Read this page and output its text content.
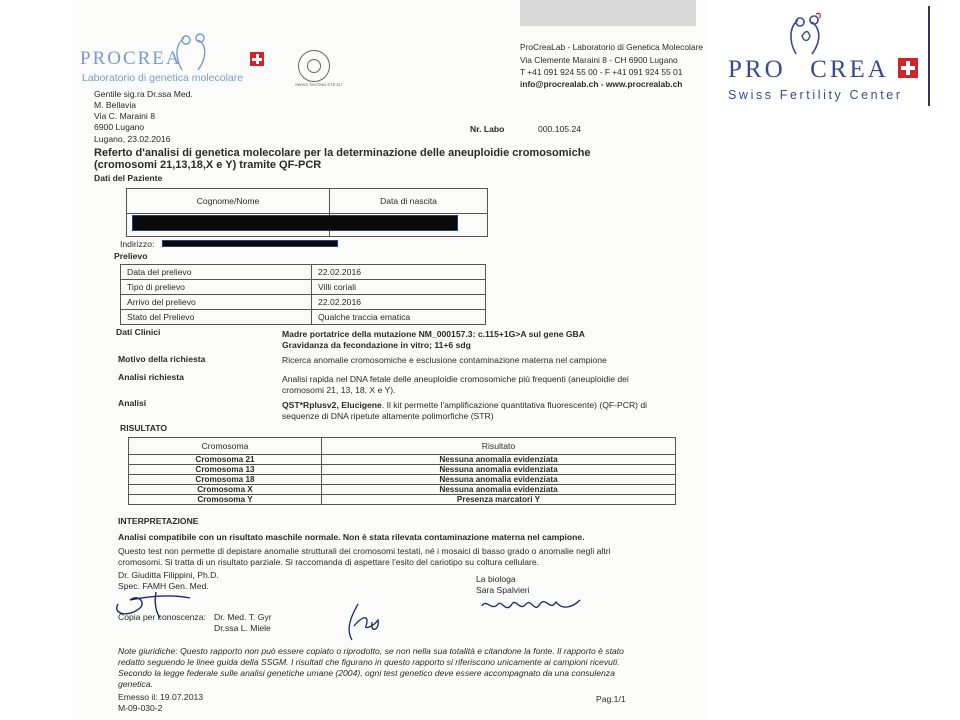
PRO CREA
Swiss Fertility Center
PROCREA
Laboratorio di genetica molecolare
SWISS TESTING STS 317
ProCreaLab - Laboratorio di Genetica Molecolare
Via Clemente Maraini 8 - CH 6900 Lugano
T +41 091 924 55 00 - F +41 091 924 55 01
info@procrealab.ch - www.procrealab.ch
Gentile sig.ra Dr.ssa Med.
M. Bellavia
Via C. Maraini 8
6900 Lugano
Lugano, 23.02.2016
Nr. Labo	000.105.24
Referto d'analisi di genetica molecolare per la determinazione delle aneuploidie cromosomiche
(cromosomi 21,13,18,X e Y) tramite QF-PCR
Dati del Paziente
Cognome/Nome	Data di nascita

Indirizzo:
Prelievo
Data del prelievo	22.02.2016
Tipo di prelievo	Villi coriali
Arrivo del prelievo	22.02.2016
Stato del Prelievo	Qualche traccia ematica
Dati Clinici	Madre portatrice della mutazione NM_000157.3: c.115+1G>A sul gene GBA
Gravidanza da fecondazione in vitro; 11+6 sdg
Motivo della richiesta	Ricerca anomalie cromosomiche e esclusione contaminazione materna nel campione
Analisi richiesta	Analisi rapida nel DNA fetale delle aneuploidie cromosomiche più frequenti (aneuploidie dei
cromosomi 21, 13, 18, X e Y).
Analisi	QST*Rplusv2, Elucigene. Il kit permette l'amplificazione quantitativa fluorescente) (QF-PCR) di
sequenze di DNA ripetute altamente polimorfiche (STR)
RISULTATO
Cromosoma	Risultato
Cromosoma 21	Nessuna anomalia evidenziata
Cromosoma 13	Nessuna anomalia evidenziata
Cromosoma 18	Nessuna anomalia evidenziata
Cromosoma X	Nessuna anomalia evidenziata
Cromosoma Y	Presenza marcatori Y
INTERPRETAZIONE
Analisi compatibile con un risultato maschile normale. Non è stata rilevata contaminazione materna nel campione.
Questo test non permette di depistare anomalie strutturali dei cromosomi testati, né i mosaici di basso grado o anomalie negli altri
cromosomi. Si tratta di un risultato parziale. Si raccomanda di aspettare l'esito del cariotipo su coltura cellulare.
Dr. Giuditta Filippini, Ph.D.
Spec. FAMH Gen. Med.
La biologa
Sara Spalvieri
Copia per conoscenza: Dr. Med. T. Gyr
Dr.ssa L. Miele
Note giuridiche: Questo rapporto non può essere copiato o riprodotto, se non nella sua totalità e citandone la fonte. Il rapporto è stato
redatto seguendo le linee guida della SSGM. I risultati che figurano in questo rapporto si riferiscono unicamente ai campioni ricevuti.
Secondo la legge federale sulle analisi genetiche umane (2004), ogni test genetico deve essere accompagnato da una consulenza
genetica.
Emesso il: 19.07.2013
M-09-030-2
Pag.1/1
